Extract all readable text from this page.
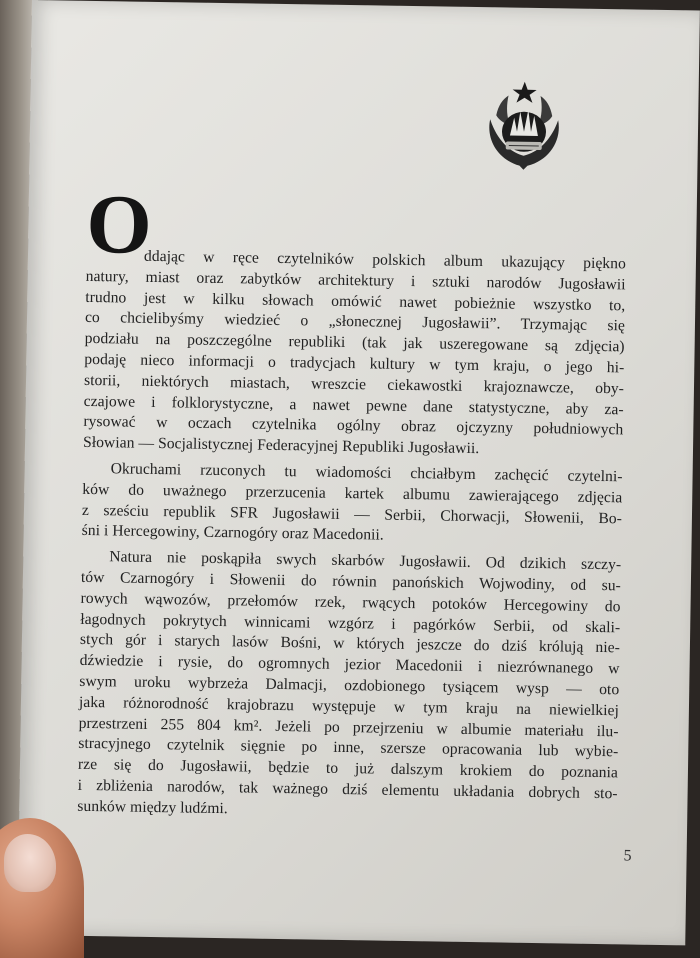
O
ddając w ręce czytelników polskich album ukazujący piękno
natury, miast oraz zabytków architektury i sztuki narodów Jugosławii
trudno jest w kilku słowach omówić nawet pobieżnie wszystko to,
co chcielibyśmy wiedzieć o „słonecznej Jugosławii”. Trzymając się
podziału na poszczególne republiki (tak jak uszeregowane są zdjęcia)
podaję nieco informacji o tradycjach kultury w tym kraju, o jego hi-
storii, niektórych miastach, wreszcie ciekawostki krajoznawcze, oby-
czajowe i folklorystyczne, a nawet pewne dane statystyczne, aby za-
rysować w oczach czytelnika ogólny obraz ojczyzny południowych
Słowian — Socjalistycznej Federacyjnej Republiki Jugosławii.
Okruchami rzuconych tu wiadomości chciałbym zachęcić czytelni-
ków do uważnego przerzucenia kartek albumu zawierającego zdjęcia
z sześciu republik SFR Jugosławii — Serbii, Chorwacji, Słowenii, Bo-
śni i Hercegowiny, Czarnogóry oraz Macedonii.
Natura nie poskąpiła swych skarbów Jugosławii. Od dzikich szczy-
tów Czarnogóry i Słowenii do równin panońskich Wojwodiny, od su-
rowych wąwozów, przełomów rzek, rwących potoków Hercegowiny do
łagodnych pokrytych winnicami wzgórz i pagórków Serbii, od skali-
stych gór i starych lasów Bośni, w których jeszcze do dziś królują nie-
dźwiedzie i rysie, do ogromnych jezior Macedonii i niezrównanego w
swym uroku wybrzeża Dalmacji, ozdobionego tysiącem wysp — oto
jaka różnorodność krajobrazu występuje w tym kraju na niewielkiej
przestrzeni 255 804 km². Jeżeli po przejrzeniu w albumie materiału ilu-
stracyjnego czytelnik sięgnie po inne, szersze opracowania lub wybie-
rze się do Jugosławii, będzie to już dalszym krokiem do poznania
i zbliżenia narodów, tak ważnego dziś elementu układania dobrych sto-
sunków między ludźmi.
5
